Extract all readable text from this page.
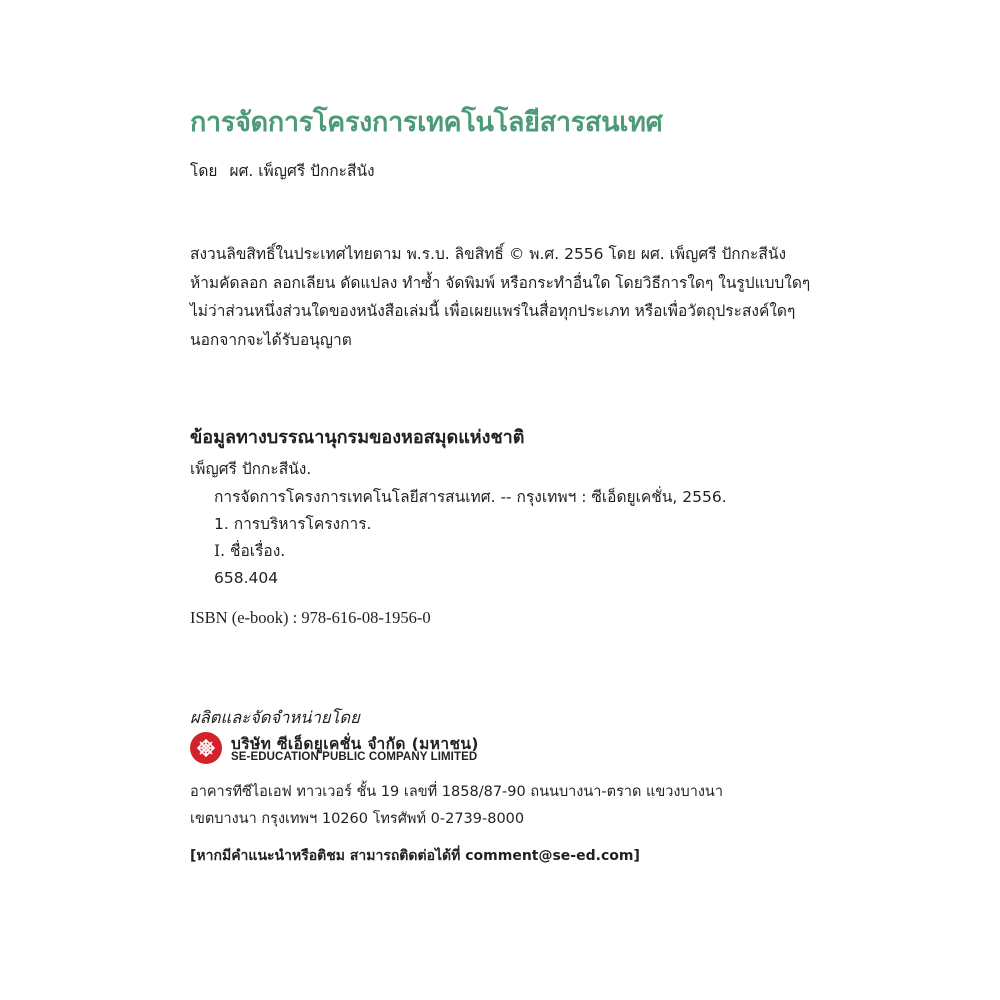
การจัดการโครงการเทคโนโลยีสารสนเทศ
โดย ผศ. เพ็ญศรี ปักกะสีนัง
สงวนลิขสิทธิ์ในประเทศไทยตาม พ.ร.บ. ลิขสิทธิ์ © พ.ศ. 2556 โดย ผศ. เพ็ญศรี ปักกะสีนัง
ห้ามคัดลอก ลอกเลียน ดัดแปลง ทำซ้ำ จัดพิมพ์ หรือกระทำอื่นใด โดยวิธีการใดๆ ในรูปแบบใดๆ
ไม่ว่าส่วนหนึ่งส่วนใดของหนังสือเล่มนี้ เพื่อเผยแพร่ในสื่อทุกประเภท หรือเพื่อวัตถุประสงค์ใดๆ
นอกจากจะได้รับอนุญาต
ข้อมูลทางบรรณานุกรมของหอสมุดแห่งชาติ
เพ็ญศรี ปักกะสีนัง.
การจัดการโครงการเทคโนโลยีสารสนเทศ. -- กรุงเทพฯ : ซีเอ็ดยูเคชั่น, 2556.
1. การบริหารโครงการ.
I. ชื่อเรื่อง.
658.404
ISBN (e-book) : 978-616-08-1956-0
ผลิตและจัดจำหน่ายโดย
บริษัท ซีเอ็ดยูเคชั่น จำกัด (มหาชน)
SE-EDUCATION PUBLIC COMPANY LIMITED
อาคารทีซีไอเอฟ ทาวเวอร์ ชั้น 19 เลขที่ 1858/87-90 ถนนบางนา-ตราด แขวงบางนา
เขตบางนา กรุงเทพฯ 10260 โทรศัพท์ 0-2739-8000
[หากมีคำแนะนำหรือติชม สามารถติดต่อได้ที่ comment@se-ed.com]
